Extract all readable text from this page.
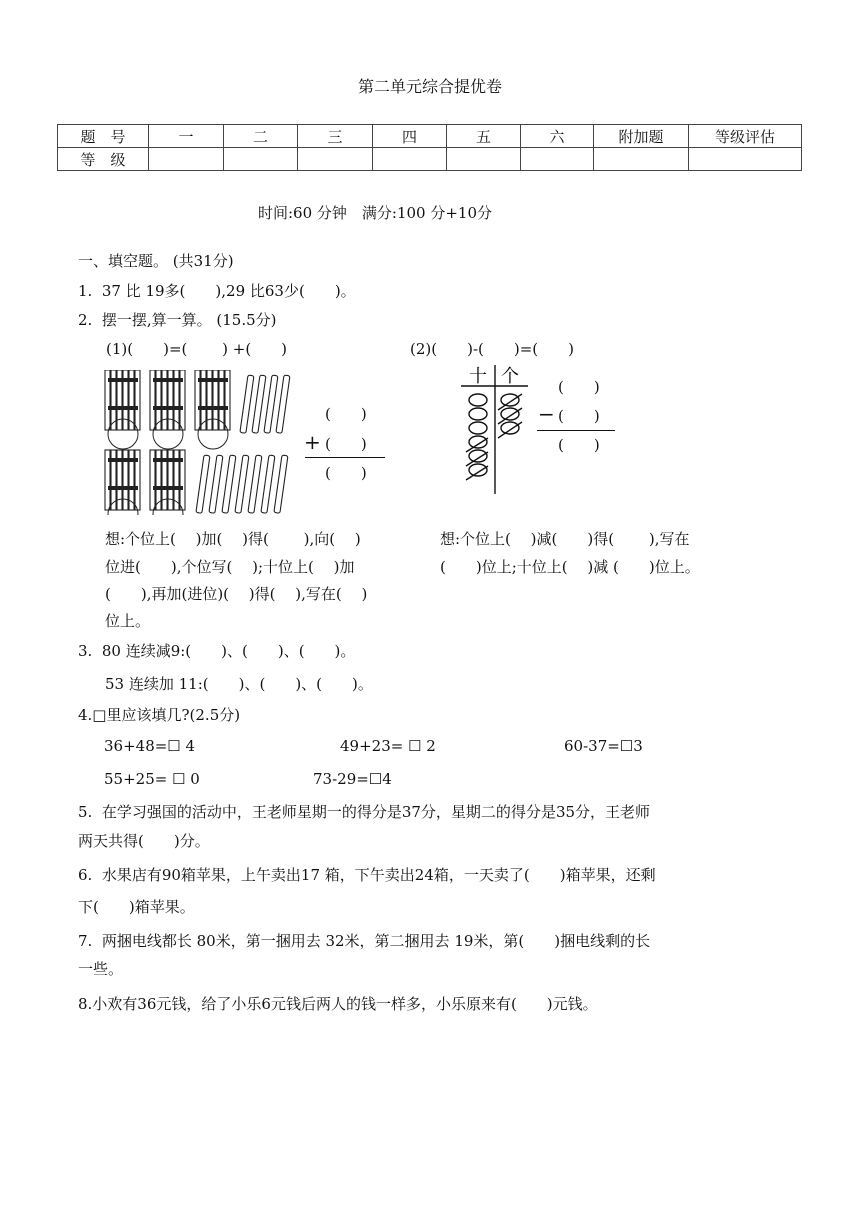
第二单元综合提优卷
题　号	一	二	三	四	五	六	附加题	等级评估
等　级								
时间:60 分钟　满分:100 分+10分
一、填空题。 (共31分)
1.  37 比 19多(　　),29 比63少(　　)。
2.  摆一摆,算一算。 (15.5分)
(1)(　　)=(　　 ) +(　　)	(2)(　　)-(　　)=(　　)
(　　)
+ (　　)
(　　)
十 个	(　　)
− (　　)
(　　)
想:个位上(　 )加(　 )得(　　 ),向(　 )
位进(　　),个位写(　 );十位上(　 )加
(　　),再加(进位)(　 )得(　 ),写在(　 )
位上。
想:个位上(　 )减(　　)得(　　 ),写在
(　　)位上;十位上(　 )减 (　　)位上。
3.  80 连续减9:(　　)、(　　)、(　　)。
53 连续加 11:(　　)、(　　)、(　　)。
4.□里应该填几?(2.5分)
36+48=☐ 4	49+23= ☐ 2	60-37=☐3
55+25= ☐ 0	73-29=☐4
5.  在学习强国的活动中，王老师星期一的得分是37分，星期二的得分是35分，王老师
两天共得(　　)分。
6.  水果店有90箱苹果，上午卖出17 箱，下午卖出24箱，一天卖了(　　)箱苹果，还剩
下(　　)箱苹果。
7.  两捆电线都长 80米，第一捆用去 32米，第二捆用去 19米，第(　　)捆电线剩的长
一些。
8.小欢有36元钱，给了小乐6元钱后两人的钱一样多，小乐原来有(　　)元钱。
